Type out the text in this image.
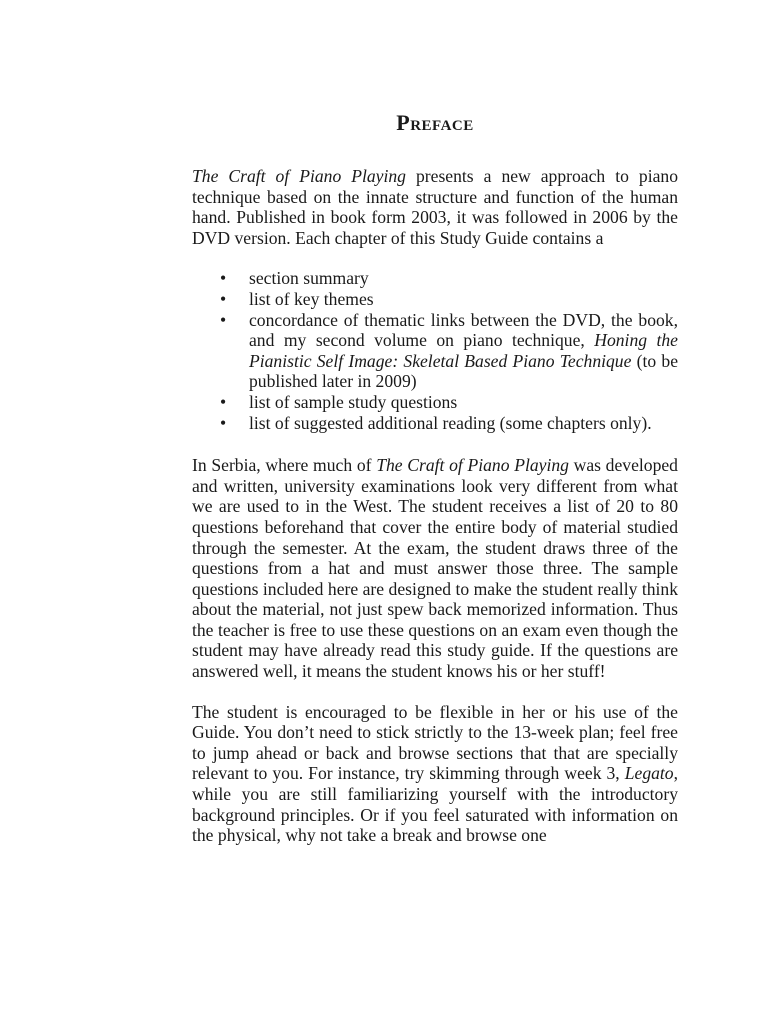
Preface

The Craft of Piano Playing presents a new approach to piano technique based on the innate structure and function of the human hand. Published in book form 2003, it was followed in 2006 by the DVD version. Each chapter of this Study Guide contains a

• section summary
• list of key themes
• concordance of thematic links between the DVD, the book, and my second volume on piano technique, Honing the Pianistic Self Image: Skeletal Based Piano Technique (to be published later in 2009)
• list of sample study questions
• list of suggested additional reading (some chapters only).

In Serbia, where much of The Craft of Piano Playing was developed and written, university examinations look very different from what we are used to in the West. The student receives a list of 20 to 80 questions beforehand that cover the entire body of material studied through the semester. At the exam, the student draws three of the questions from a hat and must answer those three. The sample questions included here are designed to make the student really think about the material, not just spew back memorized information. Thus the teacher is free to use these questions on an exam even though the student may have already read this study guide. If the questions are answered well, it means the student knows his or her stuff!

The student is encouraged to be flexible in her or his use of the Guide. You don’t need to stick strictly to the 13-week plan; feel free to jump ahead or back and browse sections that that are specially relevant to you. For instance, try skimming through week 3, Legato, while you are still familiarizing yourself with the introductory background principles. Or if you feel saturated with information on the physical, why not take a break and browse one
